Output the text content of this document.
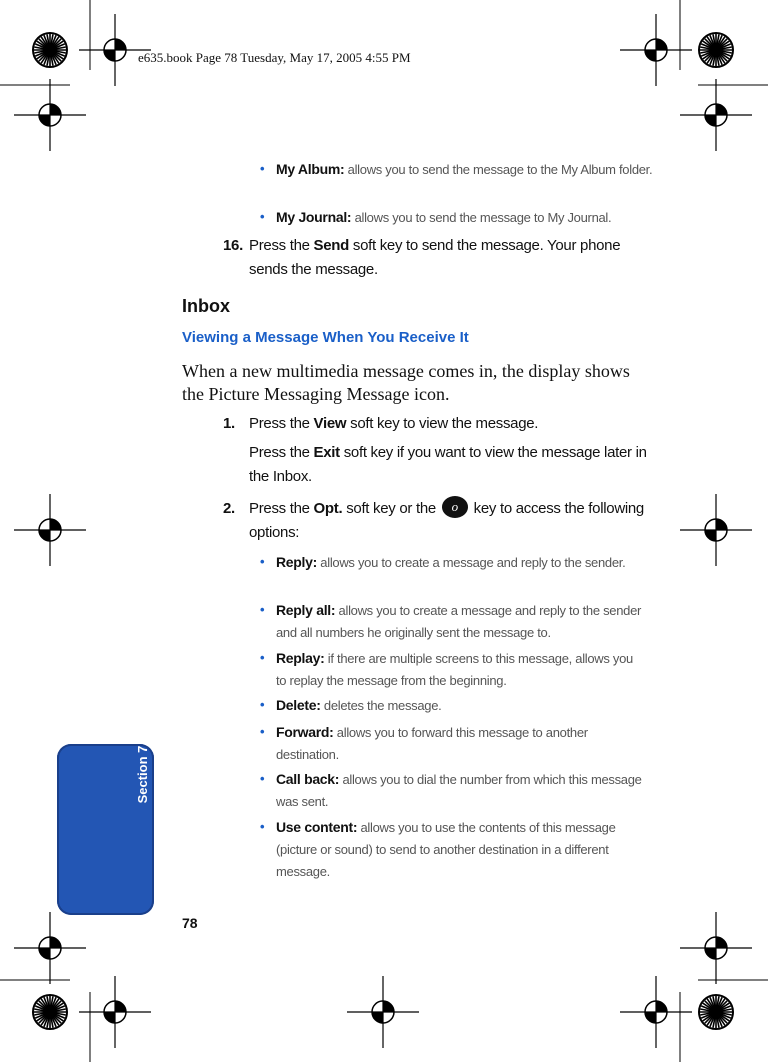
e635.book Page 78 Tuesday, May 17, 2005 4:55 PM
• My Album: allows you to send the message to the My Album folder.
• My Journal: allows you to send the message to My Journal.
16. Press the Send soft key to send the message. Your phone sends the message.
Inbox
Viewing a Message When You Receive It
When a new multimedia message comes in, the display shows the Picture Messaging Message icon.
1. Press the View soft key to view the message.
Press the Exit soft key if you want to view the message later in the Inbox.
2. Press the Opt. soft key or the o key to access the following options:
• Reply: allows you to create a message and reply to the sender.
• Reply all: allows you to create a message and reply to the sender and all numbers he originally sent the message to.
• Replay: if there are multiple screens to this message, allows you to replay the message from the beginning.
• Delete: deletes the message.
• Forward: allows you to forward this message to another destination.
• Call back: allows you to dial the number from which this message was sent.
• Use content: allows you to use the contents of this message (picture or sound) to send to another destination in a different message.
Section 7
78
